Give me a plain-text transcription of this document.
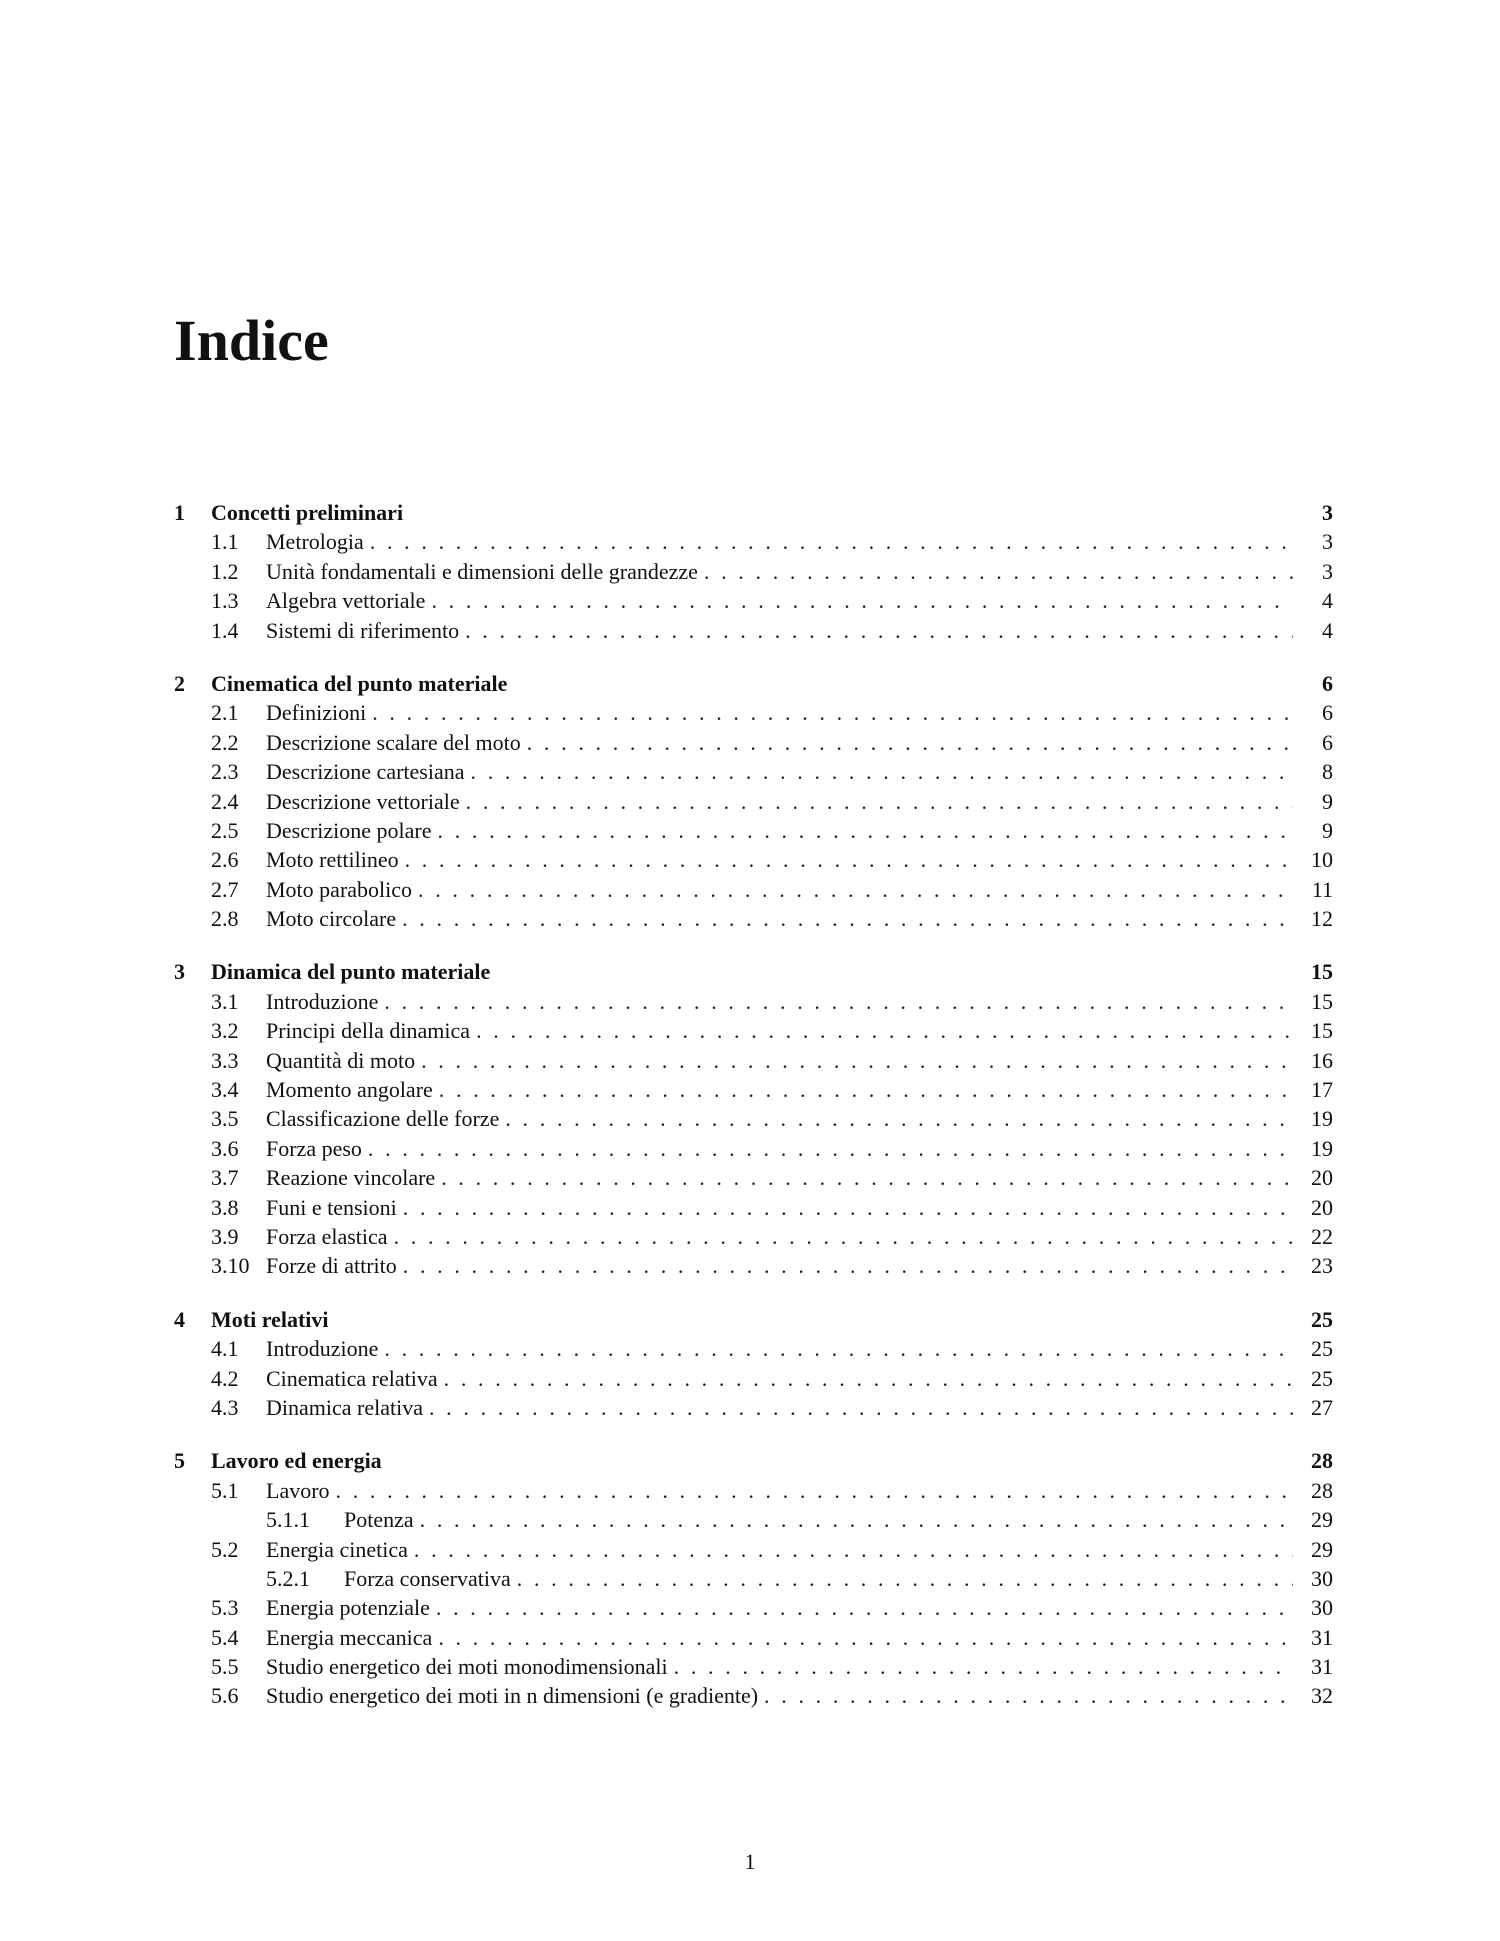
Indice
1	Concetti preliminari	3
1.1	Metrologia . . .	3
1.2	Unità fondamentali e dimensioni delle grandezze . . .	3
1.3	Algebra vettoriale . . .	4
1.4	Sistemi di riferimento . . .	4
2	Cinematica del punto materiale	6
2.1	Definizioni . . .	6
2.2	Descrizione scalare del moto . . .	6
2.3	Descrizione cartesiana . . .	8
2.4	Descrizione vettoriale . . .	9
2.5	Descrizione polare . . .	9
2.6	Moto rettilineo . . .	10
2.7	Moto parabolico . . .	11
2.8	Moto circolare . . .	12
3	Dinamica del punto materiale	15
3.1	Introduzione . . .	15
3.2	Principi della dinamica . . .	15
3.3	Quantità di moto . . .	16
3.4	Momento angolare . . .	17
3.5	Classificazione delle forze . . .	19
3.6	Forza peso . . .	19
3.7	Reazione vincolare . . .	20
3.8	Funi e tensioni . . .	20
3.9	Forza elastica . . .	22
3.10 Forze di attrito . . .	23
4	Moti relativi	25
4.1	Introduzione . . .	25
4.2	Cinematica relativa . . .	25
4.3	Dinamica relativa . . .	27
5	Lavoro ed energia	28
5.1	Lavoro . . .	28
5.1.1	Potenza . . .	29
5.2	Energia cinetica . . .	29
5.2.1	Forza conservativa . . .	30
5.3	Energia potenziale . . .	30
5.4	Energia meccanica . . .	31
5.5	Studio energetico dei moti monodimensionali . . .	31
5.6	Studio energetico dei moti in n dimensioni (e gradiente) . . .	32
1
